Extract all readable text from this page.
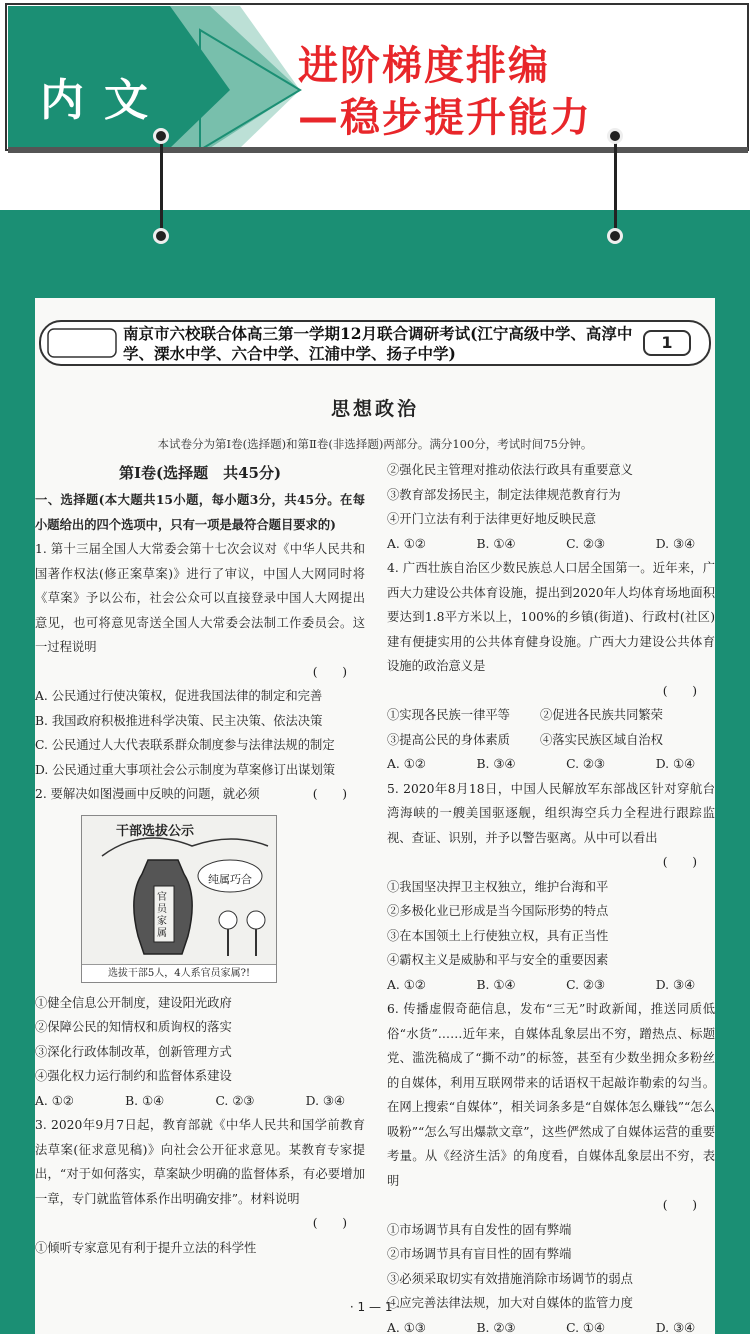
内文
进阶梯度排编
—稳步提升能力
南京市六校联合体高三第一学期12月联合调研考试(江宁高级中学、高淳中学、溧水中学、六合中学、江浦中学、扬子中学)
1
思想政治
本试卷分为第Ⅰ卷(选择题)和第Ⅱ卷(非选择题)两部分。满分100分，考试时间75分钟。
第Ⅰ卷(选择题　共45分)
一、选择题(本大题共15小题，每小题3分，共45分。在每小题给出的四个选项中，只有一项是最符合题目要求的)
1. 第十三届全国人大常委会第十七次会议对《中华人民共和国著作权法(修正案草案)》进行了审议，中国人大网同时将《草案》予以公布，社会公众可以直接登录中国人大网提出意见，也可将意见寄送全国人大常委会法制工作委员会。这一过程说明
(　　)
A. 公民通过行使决策权，促进我国法律的制定和完善
B. 我国政府积极推进科学决策、民主决策、依法决策
C. 公民通过人大代表联系群众制度参与法律法规的制定
D. 公民通过重大事项社会公示制度为草案修订出谋划策
2. 要解决如图漫画中反映的问题，就必须	(　　)
干部选拔公示
官员家属
纯属巧合
选拔干部5人，4人系官员家属?!
①健全信息公开制度，建设阳光政府
②保障公民的知情权和质询权的落实
③深化行政体制改革，创新管理方式
④强化权力运行制约和监督体系建设
A. ①②	B. ①④	C. ②③	D. ③④
3. 2020年9月7日起，教育部就《中华人民共和国学前教育法草案(征求意见稿)》向社会公开征求意见。某教育专家提出，“对于如何落实，草案缺少明确的监督体系，有必要增加一章，专门就监管体系作出明确安排”。材料说明
(　　)
①倾听专家意见有利于提升立法的科学性
②强化民主管理对推动依法行政具有重要意义
③教育部发扬民主，制定法律规范教育行为
④开门立法有利于法律更好地反映民意
A. ①②	B. ①④	C. ②③	D. ③④
4. 广西壮族自治区少数民族总人口居全国第一。近年来，广西大力建设公共体育设施，提出到2020年人均体育场地面积要达到1.8平方米以上，100%的乡镇(街道)、行政村(社区)建有便捷实用的公共体育健身设施。广西大力建设公共体育设施的政治意义是
(　　)
①实现各民族一律平等 ②促进各民族共同繁荣
③提高公民的身体素质 ④落实民族区域自治权
A. ①②	B. ③④	C. ②③	D. ①④
5. 2020年8月18日，中国人民解放军东部战区针对穿航台湾海峡的一艘美国驱逐舰，组织海空兵力全程进行跟踪监视、查证、识别，并予以警告驱离。从中可以看出
(　　)
①我国坚决捍卫主权独立，维护台海和平
②多极化业已形成是当今国际形势的特点
③在本国领土上行使独立权，具有正当性
④霸权主义是威胁和平与安全的重要因素
A. ①②	B. ①④	C. ②③	D. ③④
6. 传播虚假奇葩信息，发布“三无”时政新闻，推送同质低俗“水货”……近年来，自媒体乱象层出不穷，蹭热点、标题党、滥洗稿成了“撕不动”的标签，甚至有少数坐拥众多粉丝的自媒体，利用互联网带来的话语权干起敲诈勒索的勾当。在网上搜索“自媒体”，相关词条多是“自媒体怎么赚钱”“怎么吸粉”“怎么写出爆款文章”，这些俨然成了自媒体运营的重要考量。从《经济生活》的角度看，自媒体乱象层出不穷，表明
(　　)
①市场调节具有自发性的固有弊端
②市场调节具有盲目性的固有弊端
③必须采取切实有效措施消除市场调节的弱点
④应完善法律法规，加大对自媒体的监管力度
A. ①③	B. ②③	C. ①④	D. ③④
· 1 — 1 ·
